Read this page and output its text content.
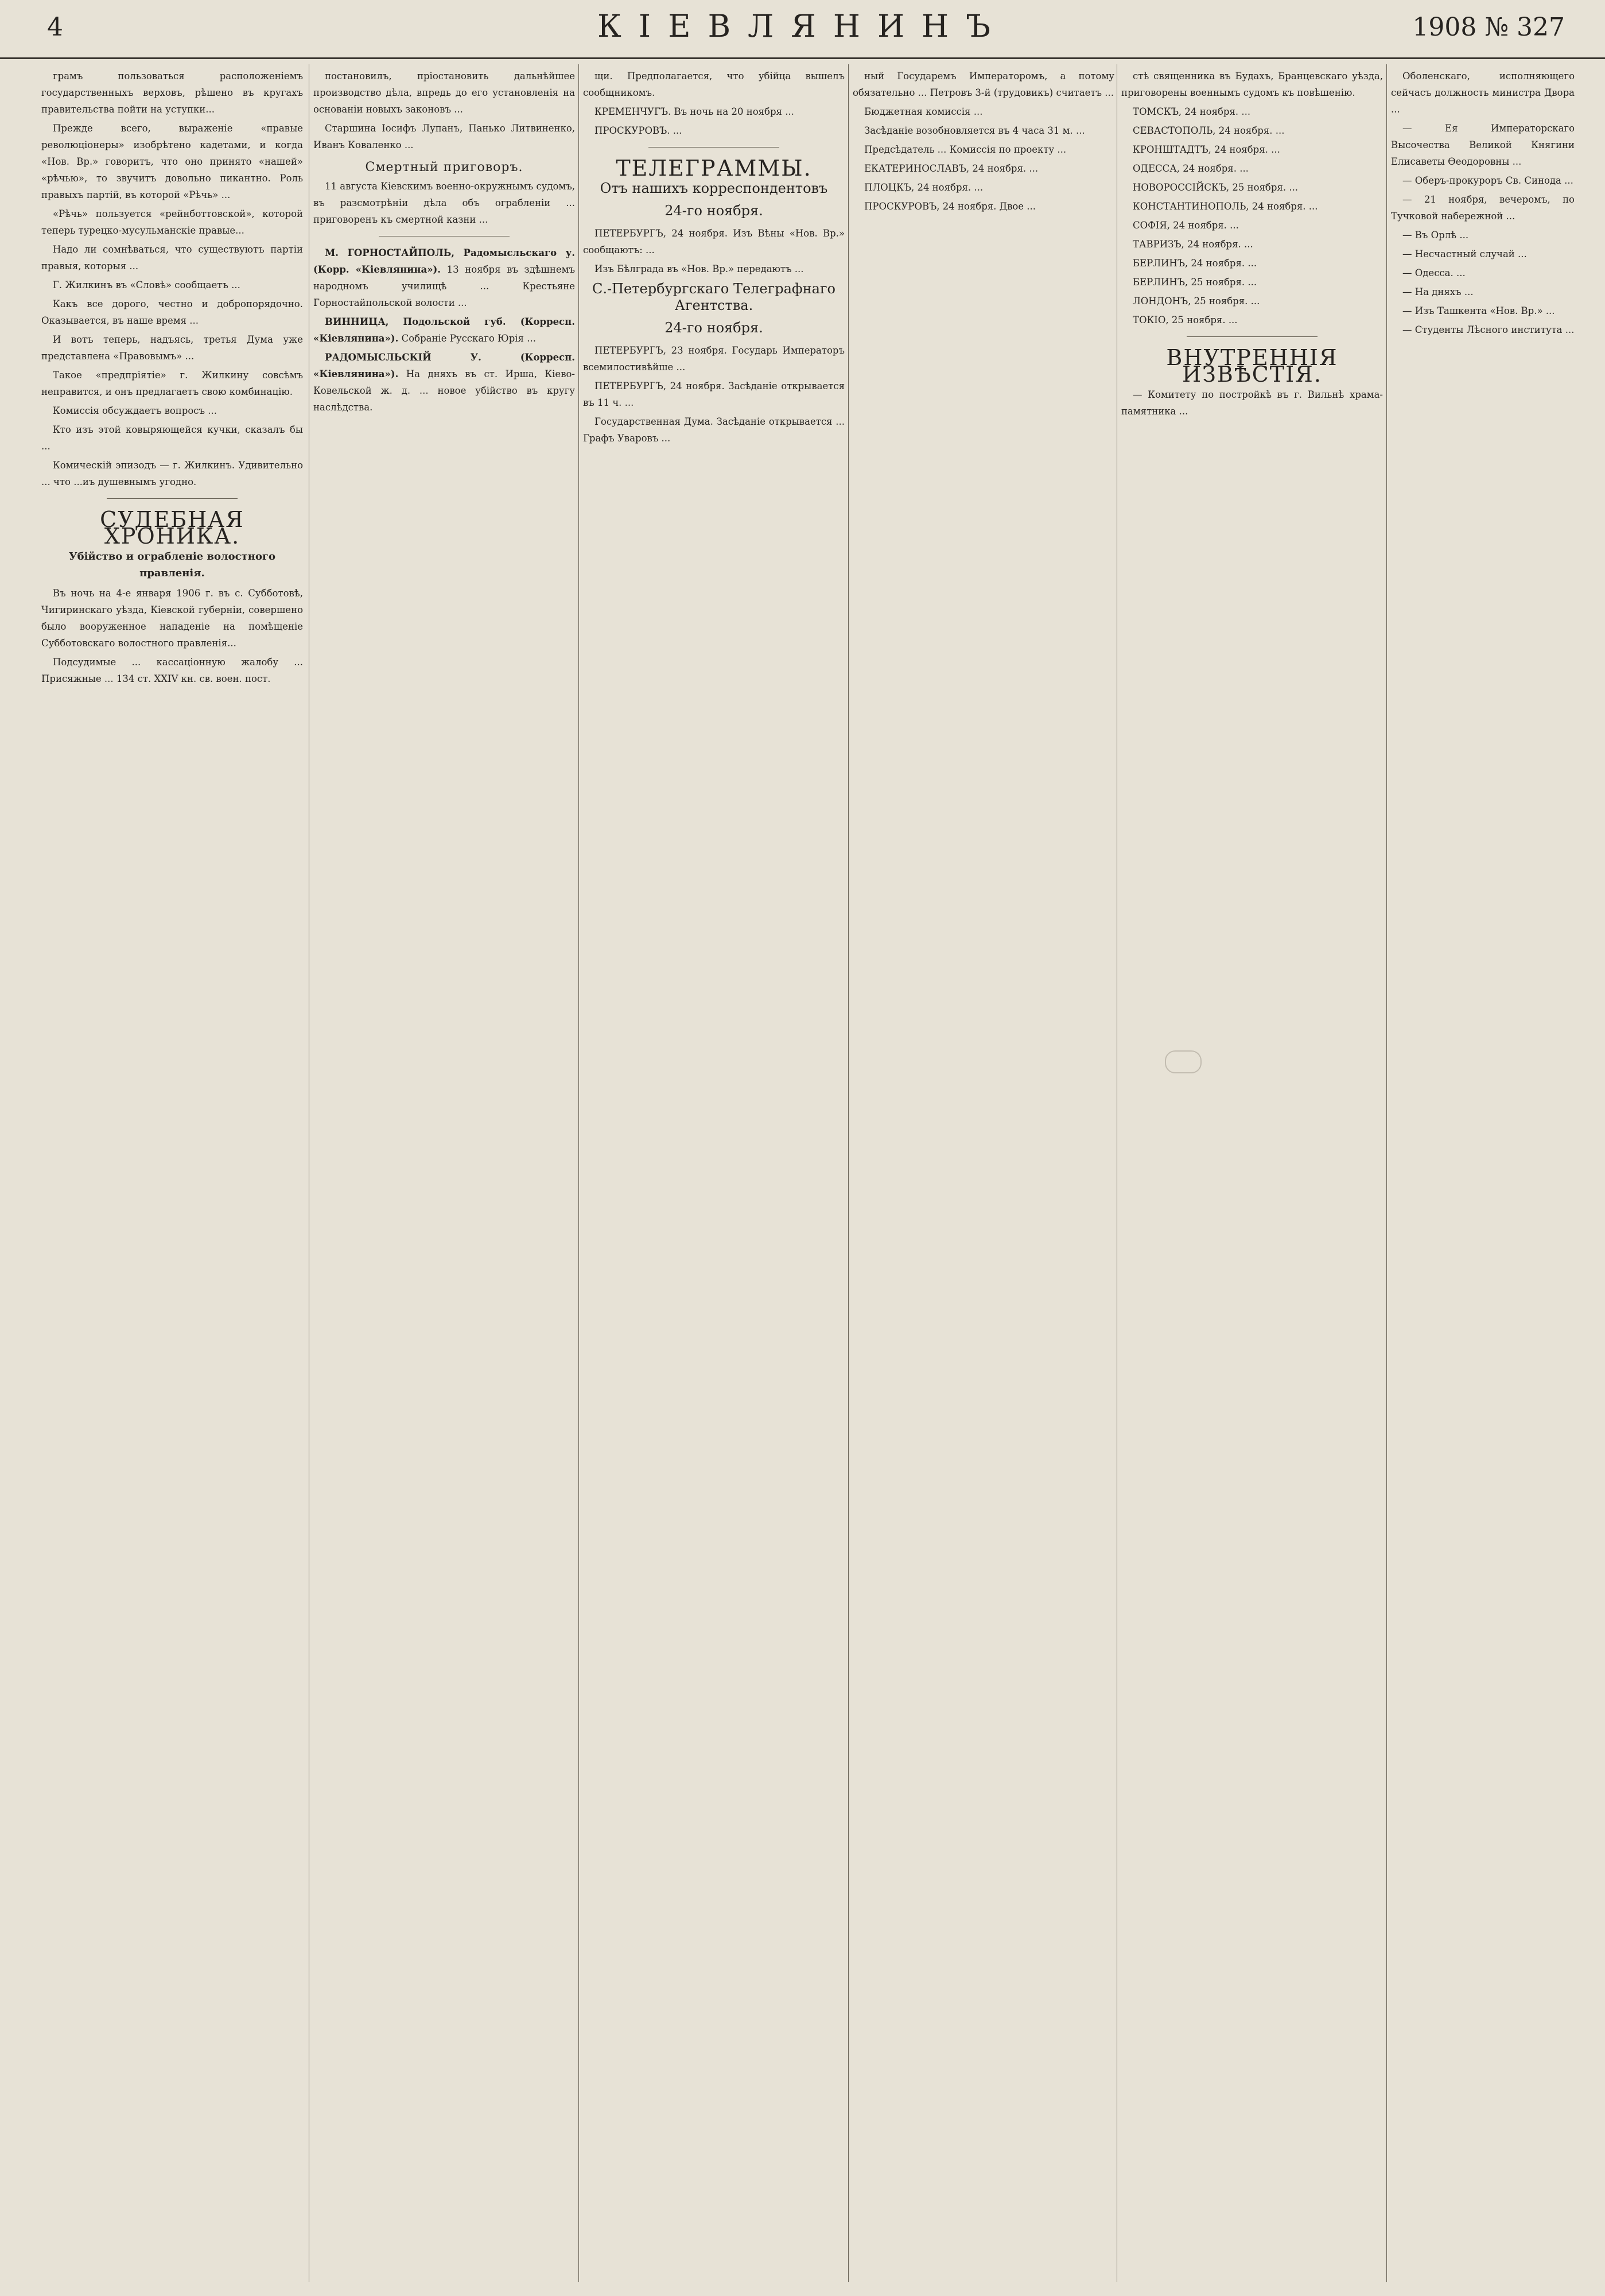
4	КІЕВЛЯНИНЪ	1908 № 327

грамъ пользоваться расположеніемъ государственныхъ верховъ, рѣшено въ кругахъ правительства пойти на уступки...

Прежде всего, выраженіе «правые революціонеры» изобрѣтено кадетами, и когда «Нов. Вр.» говоритъ, что оно принято «нашей» «рѣчью», то звучитъ довольно пикантно. Роль правыхъ партій, въ которой «Рѣчь» ...

«Рѣчь» пользуется «рейнботтовской», которой теперь турецко-мусульманскіе правые...

Надо ли сомнѣваться, что существуютъ партіи правыя, которыя ...

Г. Жилкинъ въ «Словѣ» сообщаетъ ...

Какъ все дорого, честно и добропорядочно. Оказывается, въ наше время ...

И вотъ теперь, надъясь, третья Дума уже представлена «Правовымъ» ...

Такое «предпріятіе» г. Жилкину совсѣмъ неправится, и онъ предлагаетъ свою комбинацію.

Комиссія обсуждаетъ вопросъ ...

Кто изъ этой ковыряющейся кучки, сказалъ бы ...

Комическій эпизодъ — г. Жилкинъ. Удивительно ... что ...иъ душевнымъ угодно.

СУДЕБНАЯ ХРОНИКА.
Убійство и ограбленіе волостного правленія.

Въ ночь на 4-е января 1906 г. въ с. Субботовѣ, Чигиринскаго уѣзда, Кіевской губерніи, совершено было вооруженное нападеніе на помѣщеніе Субботовскаго волостного правленія...

Подсудимые ... кассаціонную жалобу ... Присяжные ... 134 ст. XXIV кн. св. воен. пост.

постановилъ, пріостановить дальнѣйшее производство дѣла, впредь до его установленія на основаніи новыхъ законовъ ...

Старшина Іосифъ Лупанъ, Панько Литвиненко, Иванъ Коваленко ...

Смертный приговоръ.

11 августа Кіевскимъ военно-окружнымъ судомъ, въ разсмотрѣніи дѣла объ ограбленіи ... приговоренъ къ смертной казни ...

М. ГОРНОСТАЙПОЛЬ, Радомысльскаго у. (Корр. «Кіевлянина»). 13 ноября въ здѣшнемъ народномъ училищѣ ... Крестьяне Горностайпольской волости ...

ВИННИЦА, Подольской губ. (Корресп. «Кіевлянина»). Собраніе Русскаго Юрія ...

РАДОМЫСЛЬСКІЙ У. (Корресп. «Кіевлянина»). На дняхъ въ ст. Ирша, Кіево-Ковельской ж. д. ... новое убійство въ кругу наслѣдства.

щи. Предполагается, что убійца вышелъ сообщникомъ.

КРЕМЕНЧУГЪ. Въ ночь на 20 ноября ...

ПРОСКУРОВЪ. ...

ТЕЛЕГРАММЫ.
Отъ нашихъ корреспондентовъ
24-го ноября.

ПЕТЕРБУРГЪ, 24 ноября. Изъ Вѣны «Нов. Вр.» сообщаютъ: ...

Изъ Бѣлграда въ «Нов. Вр.» передаютъ ...

С.-Петербургскаго Телеграфнаго Агентства.
24-го ноября.

ПЕТЕРБУРГЪ, 23 ноября. Государь Императоръ всемилостивѣйше ...

ПЕТЕРБУРГЪ, 24 ноября. Засѣданіе открывается въ 11 ч. ...

Государственная Дума. Засѣданіе открывается ... Графъ Уваровъ ...

ный Государемъ Императоромъ, а потому обязательно ... Петровъ 3-й (трудовикъ) считаетъ ...

Бюджетная комиссія ...

Засѣданіе возобновляется въ 4 часа 31 м. ...

Предсѣдатель ... Комиссія по проекту ...

ЕКАТЕРИНОСЛАВЪ, 24 ноября. ...

ПЛОЦКЪ, 24 ноября. ...

ПРОСКУРОВЪ, 24 ноября. Двое ...

стѣ священника въ Будахъ, Бранцевскаго уѣзда, приговорены военнымъ судомъ къ повѣшенію.

ТОМСКЪ, 24 ноября. ...

СЕВАСТОПОЛЬ, 24 ноября. ...

КРОНШТАДТЪ, 24 ноября. ...

ОДЕССА, 24 ноября. ...

НОВОРОССІЙСКЪ, 25 ноября. ...

КОНСТАНТИНОПОЛЬ, 24 ноября. ...

СОФІЯ, 24 ноября. ...

ТАВРИЗЪ, 24 ноября. ...

БЕРЛИНЪ, 24 ноября. ...

БЕРЛИНЪ, 25 ноября. ...

ЛОНДОНЪ, 25 ноября. ...

ТОКІО, 25 ноября. ...

ВНУТРЕННІЯ ИЗВѢСТІЯ.

— Комитету по постройкѣ въ г. Вильнѣ храма-памятника ...

Оболенскаго, исполняющего сейчасъ должность министра Двора ...

— Ея Императорскаго Высочества Великой Княгини Елисаветы Ѳеодоровны ...

— Оберъ-прокуроръ Св. Синода ...

— 21 ноября, вечеромъ, по Тучковой набережной ...

— Въ Орлѣ ...

— Несчастный случай ...

— Одесса. ...

— На дняхъ ...

— Изъ Ташкента «Нов. Вр.» ...

— Студенты Лѣсного института ...
